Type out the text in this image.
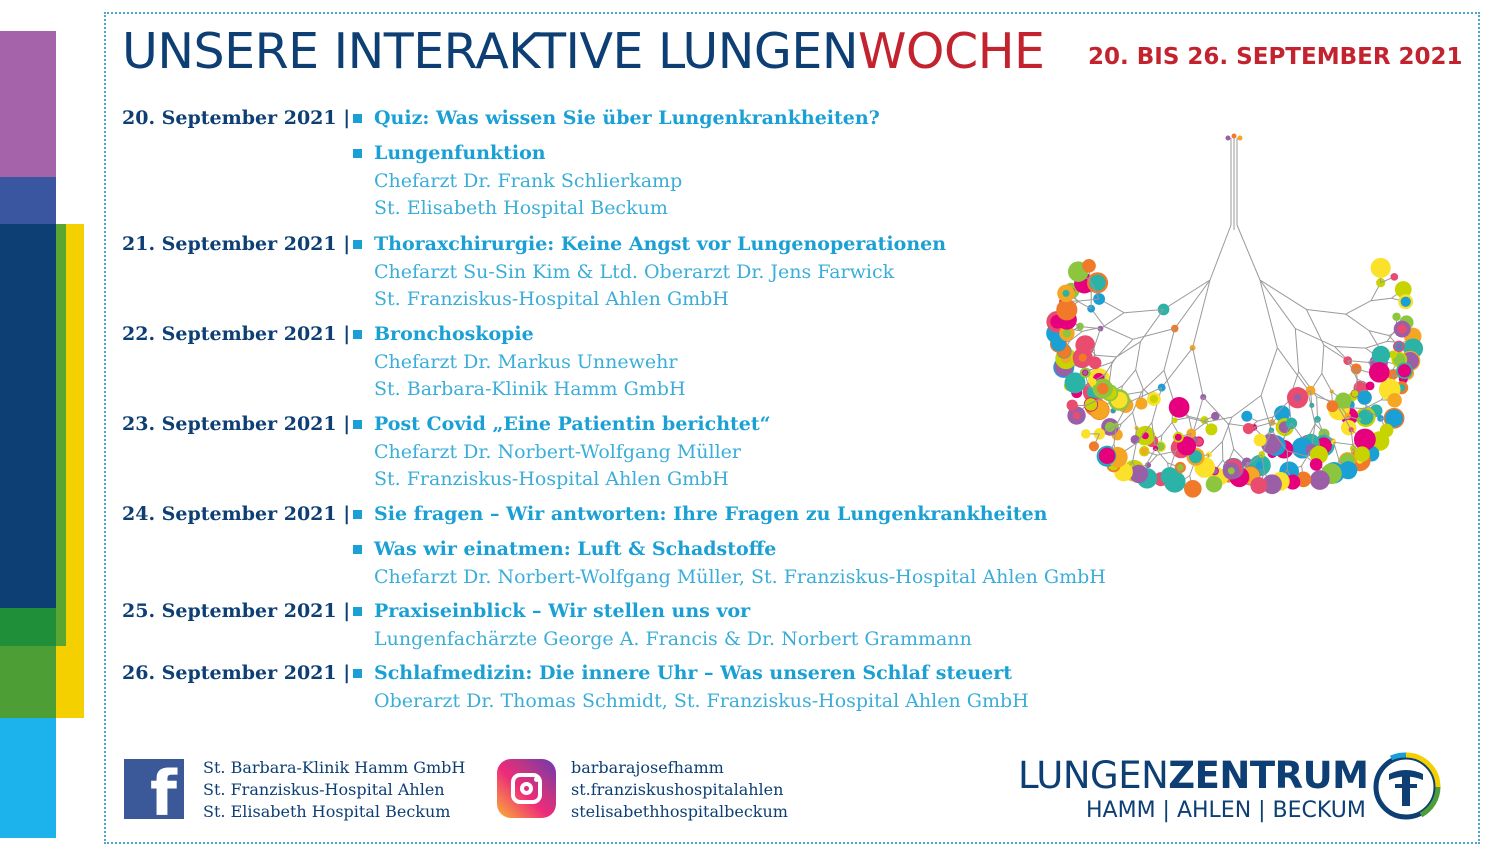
UNSERE INTERAKTIVE LUNGENWOCHE 20. BIS 26. SEPTEMBER 2021
20. September 2021 | Quiz: Was wissen Sie über Lungenkrankheiten?
Lungenfunktion
Chefarzt Dr. Frank Schlierkamp
St. Elisabeth Hospital Beckum
21. September 2021 | Thoraxchirurgie: Keine Angst vor Lungenoperationen
Chefarzt Su-Sin Kim & Ltd. Oberarzt Dr. Jens Farwick
St. Franziskus-Hospital Ahlen GmbH
22. September 2021 | Bronchoskopie
Chefarzt Dr. Markus Unnewehr
St. Barbara-Klinik Hamm GmbH
23. September 2021 | Post Covid „Eine Patientin berichtet“
Chefarzt Dr. Norbert-Wolfgang Müller
St. Franziskus-Hospital Ahlen GmbH
24. September 2021 | Sie fragen – Wir antworten: Ihre Fragen zu Lungenkrankheiten
Was wir einatmen: Luft & Schadstoffe
Chefarzt Dr. Norbert-Wolfgang Müller, St. Franziskus-Hospital Ahlen GmbH
25. September 2021 | Praxiseinblick – Wir stellen uns vor
Lungenfachärzte George A. Francis & Dr. Norbert Grammann
26. September 2021 | Schlafmedizin: Die innere Uhr – Was unseren Schlaf steuert
Oberarzt Dr. Thomas Schmidt, St. Franziskus-Hospital Ahlen GmbH
f St. Barbara-Klinik Hamm GmbH
St. Franziskus-Hospital Ahlen
St. Elisabeth Hospital Beckum
barbarajosefhamm
st.franziskushospitalahlen
stelisabethhospitalbeckum
LUNGENZENTRUM
HAMM | AHLEN | BECKUM
